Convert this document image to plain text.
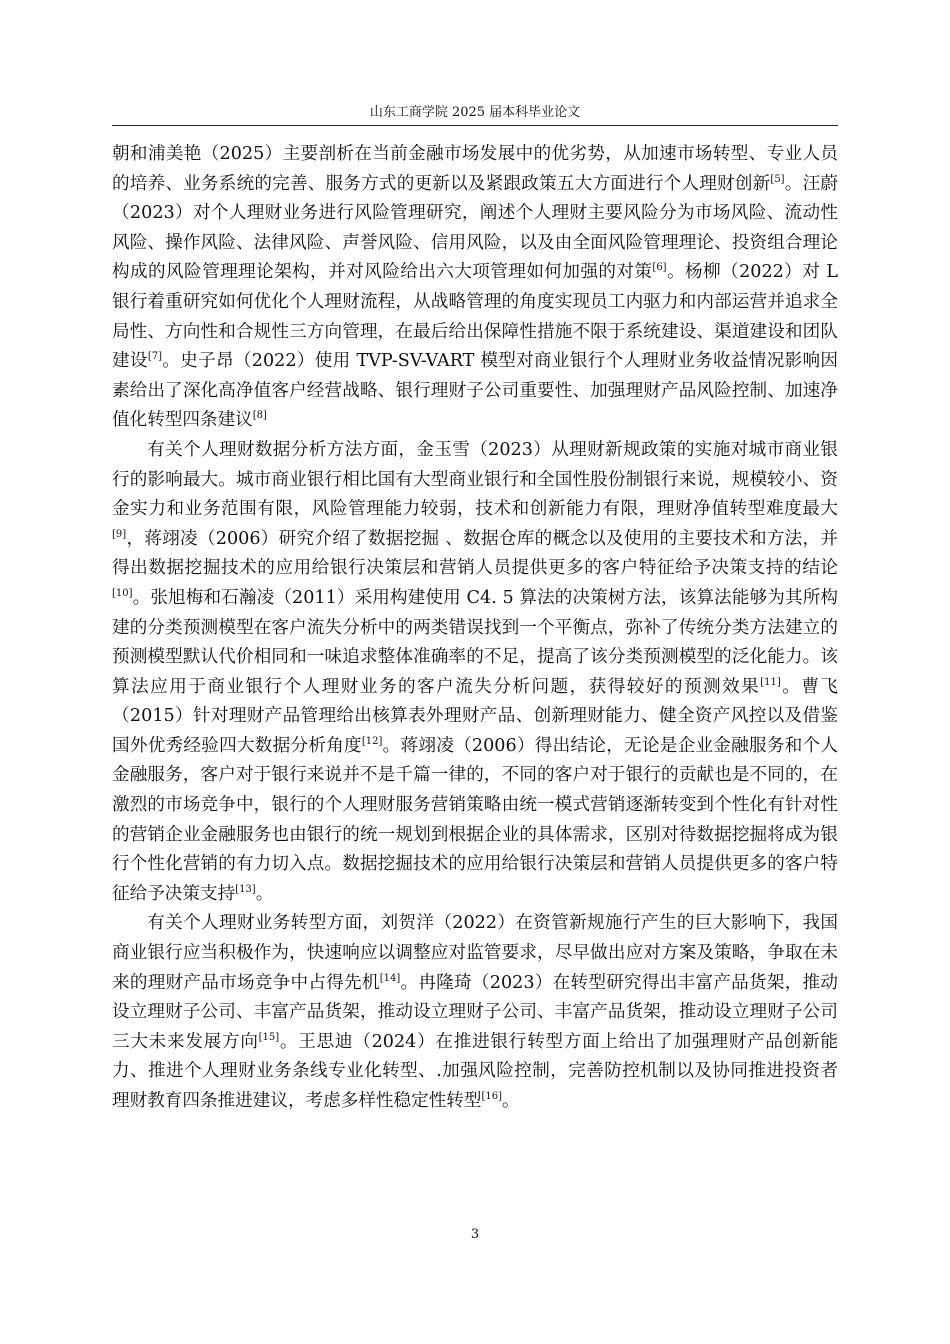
山东工商学院 2025 届本科毕业论文

朝和浦美艳（2025）主要剖析在当前金融市场发展中的优劣势，从加速市场转型、专业人员的培养、业务系统的完善、服务方式的更新以及紧跟政策五大方面进行个人理财创新[5]。汪蔚（2023）对个人理财业务进行风险管理研究，阐述个人理财主要风险分为市场风险、流动性风险、操作风险、法律风险、声誉风险、信用风险，以及由全面风险管理理论、投资组合理论构成的风险管理理论架构，并对风险给出六大项管理如何加强的对策[6]。杨柳（2022）对 L 银行着重研究如何优化个人理财流程，从战略管理的角度实现员工内驱力和内部运营并追求全局性、方向性和合规性三方向管理，在最后给出保障性措施不限于系统建设、渠道建设和团队建设[7]。史子昂（2022）使用 TVP-SV-VART 模型对商业银行个人理财业务收益情况影响因素给出了深化高净值客户经营战略、银行理财子公司重要性、加强理财产品风险控制、加速净值化转型四条建议[8]

有关个人理财数据分析方法方面，金玉雪（2023）从理财新规政策的实施对城市商业银行的影响最大。城市商业银行相比国有大型商业银行和全国性股份制银行来说，规模较小、资金实力和业务范围有限，风险管理能力较弱，技术和创新能力有限，理财净值转型难度最大[9]，蒋翊凌（2006）研究介绍了数据挖掘 、数据仓库的概念以及使用的主要技术和方法，并得出数据挖掘技术的应用给银行决策层和营销人员提供更多的客户特征给予决策支持的结论[10]。张旭梅和石瀚凌（2011）采用构建使用 C4. 5 算法的决策树方法，该算法能够为其所构建的分类预测模型在客户流失分析中的两类错误找到一个平衡点，弥补了传统分类方法建立的预测模型默认代价相同和一味追求整体准确率的不足，提高了该分类预测模型的泛化能力。该算法应用于商业银行个人理财业务的客户流失分析问题，获得较好的预测效果[11]。曹飞（2015）针对理财产品管理给出核算表外理财产品、创新理财能力、健全资产风控以及借鉴国外优秀经验四大数据分析角度[12]。蒋翊凌（2006）得出结论，无论是企业金融服务和个人金融服务，客户对于银行来说并不是千篇一律的，不同的客户对于银行的贡献也是不同的，在激烈的市场竞争中，银行的个人理财服务营销策略由统一模式营销逐渐转变到个性化有针对性的营销企业金融服务也由银行的统一规划到根据企业的具体需求，区别对待数据挖掘将成为银行个性化营销的有力切入点。数据挖掘技术的应用给银行决策层和营销人员提供更多的客户特征给予决策支持[13]。

有关个人理财业务转型方面，刘贺洋（2022）在资管新规施行产生的巨大影响下，我国商业银行应当积极作为，快速响应以调整应对监管要求，尽早做出应对方案及策略，争取在未来的理财产品市场竞争中占得先机[14]。冉隆琦（2023）在转型研究得出丰富产品货架，推动设立理财子公司、丰富产品货架，推动设立理财子公司、丰富产品货架，推动设立理财子公司三大未来发展方向[15]。王思迪（2024）在推进银行转型方面上给出了加强理财产品创新能力、推进个人理财业务条线专业化转型、.加强风险控制，完善防控机制以及协同推进投资者理财教育四条推进建议，考虑多样性稳定性转型[16]。

3
